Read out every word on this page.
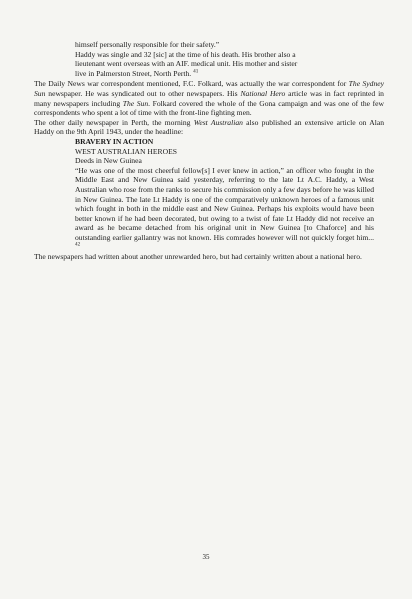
himself personally responsible for their safety.”

Haddy was single and 32 [sic] at the time of his death. His brother also a
lieutenant went overseas with an AIF. medical unit. His mother and sister
live in Palmerston Street, North Perth. $^{41}$

The Daily News war correspondent mentioned, F.C. Folkard, was actually the war correspondent for The Sydney Sun newspaper. He was syndicated out to other newspapers. His National Hero article was in fact reprinted in many newspapers including The Sun. Folkard covered the whole of the Gona campaign and was one of the few correspondents who spent a lot of time with the front-line fighting men.

The other daily newspaper in Perth, the morning West Australian also published an extensive article on Alan Haddy on the 9th April 1943, under the headline:

BRAVERY IN ACTION

WEST AUSTRALIAN HEROES

Deeds in New Guinea

“He was one of the most cheerful fellow[s] I ever knew in action,” an officer who fought in the Middle East and New Guinea said yesterday, referring to the late Lt A.C. Haddy, a West Australian who rose from the ranks to secure his commission only a few days before he was killed in New Guinea. The late Lt Haddy is one of the comparatively unknown heroes of a famous unit which fought in both in the middle east and New Guinea. Perhaps his exploits would have been better known if he had been decorated, but owing to a twist of fate Lt Haddy did not receive an award as he became detached from his original unit in New Guinea [to Chaforce] and his outstanding earlier gallantry was not known. His comrades however will not quickly forget him... $^{42}$

The newspapers had written about another unrewarded hero, but had certainly written about a national hero.

35
